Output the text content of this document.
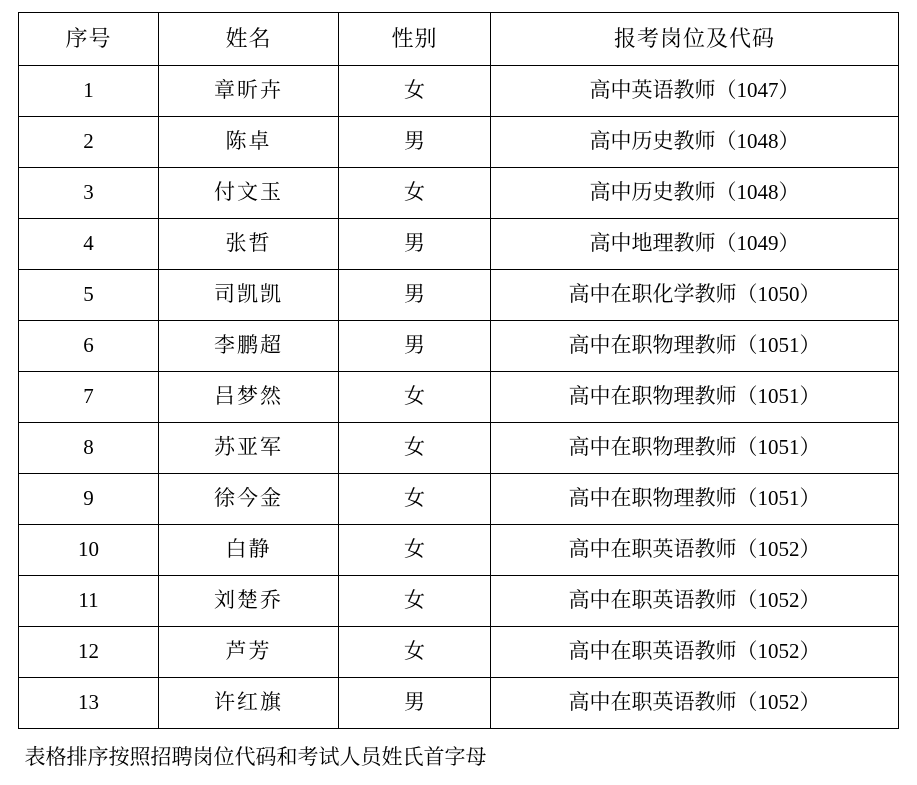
序号	姓名	性别	报考岗位及代码
1	章昕卉	女	高中英语教师（1047）
2	陈卓	男	高中历史教师（1048）
3	付文玉	女	高中历史教师（1048）
4	张哲	男	高中地理教师（1049）
5	司凯凯	男	高中在职化学教师（1050）
6	李鹏超	男	高中在职物理教师（1051）
7	吕梦然	女	高中在职物理教师（1051）
8	苏亚军	女	高中在职物理教师（1051）
9	徐今金	女	高中在职物理教师（1051）
10	白静	女	高中在职英语教师（1052）
11	刘楚乔	女	高中在职英语教师（1052）
12	芦芳	女	高中在职英语教师（1052）
13	许红旗	男	高中在职英语教师（1052）
表格排序按照招聘岗位代码和考试人员姓氏首字母
